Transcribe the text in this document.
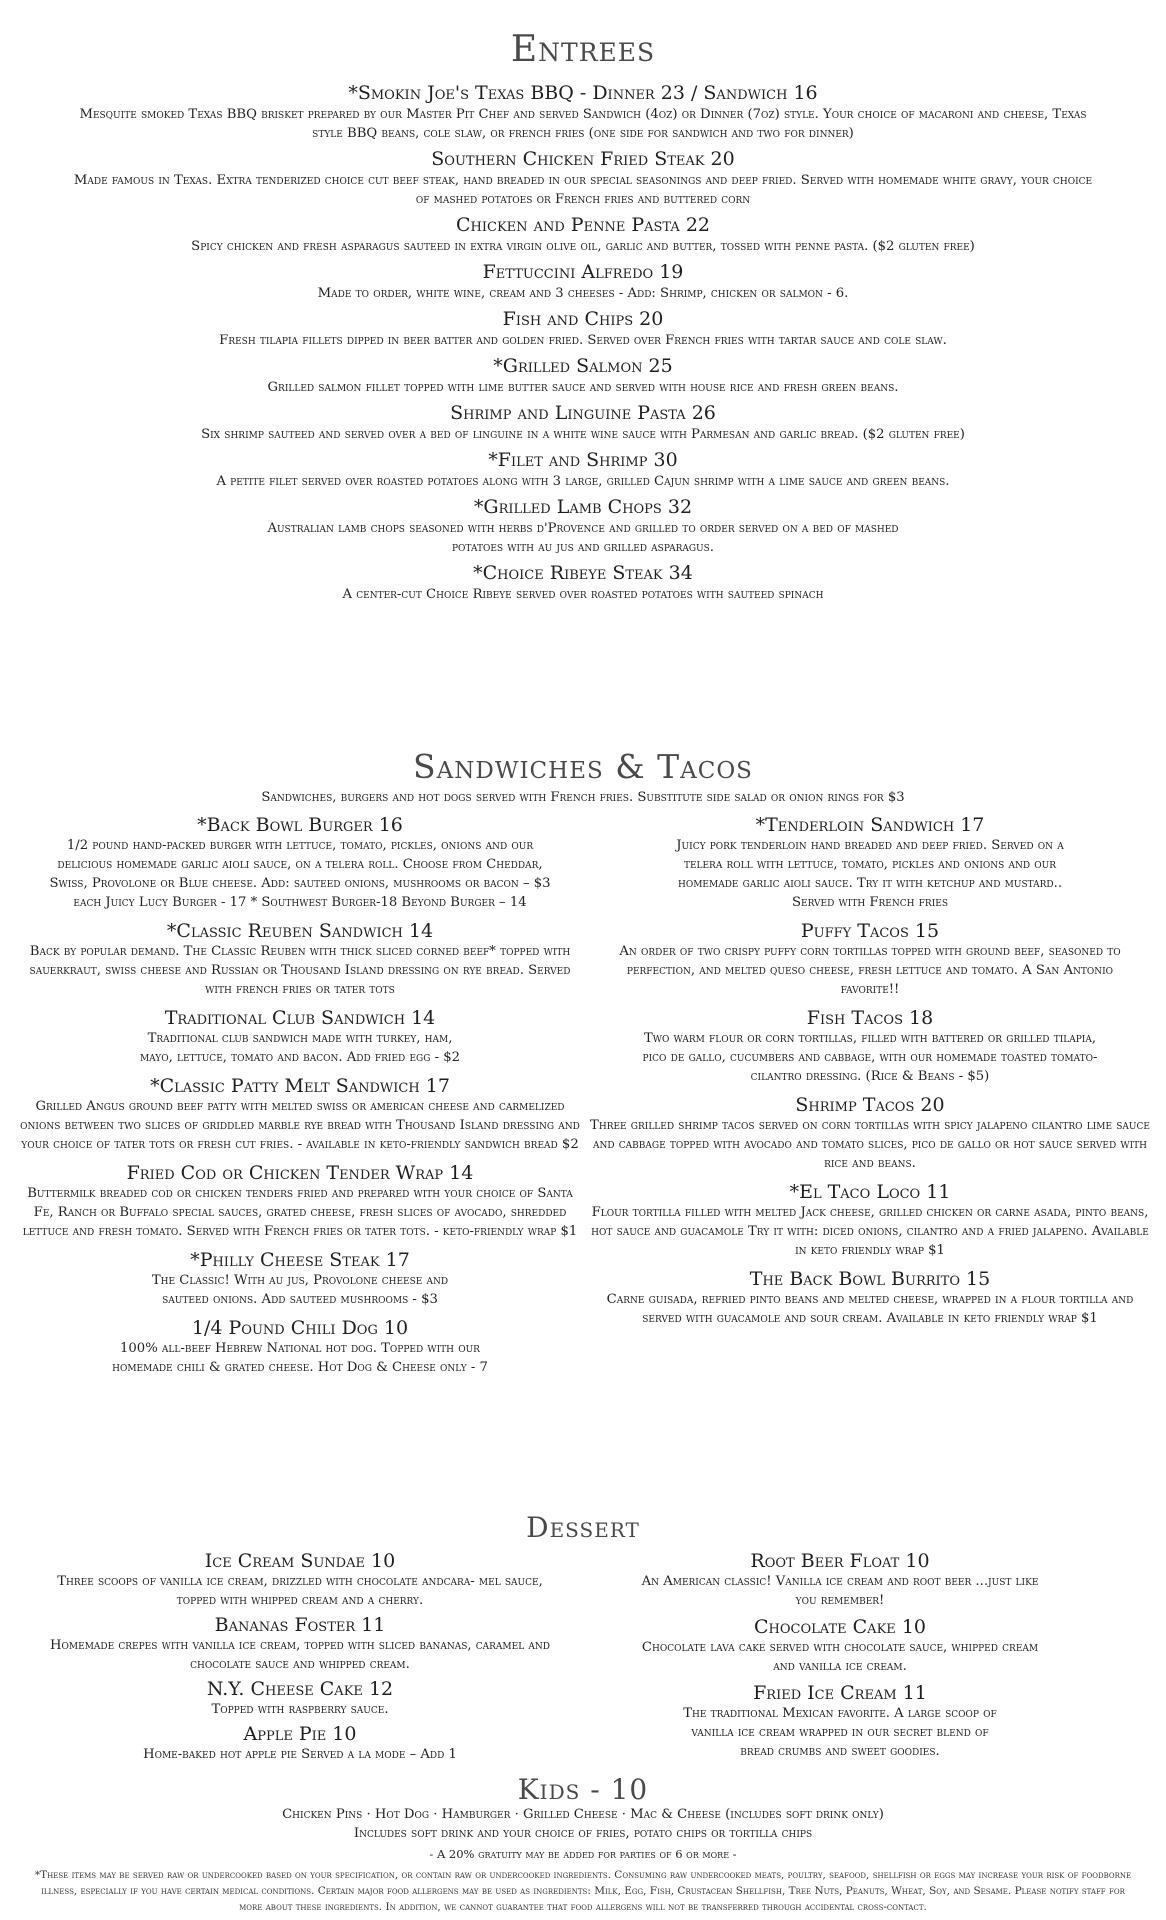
Entrees
*Smokin Joe's Texas BBQ - Dinner 23 / Sandwich 16
Mesquite smoked Texas BBQ brisket prepared by our Master Pit Chef and served Sandwich (4oz) or Dinner (7oz) style. Your choice of macaroni and cheese, Texas style BBQ beans, cole slaw, or french fries (one side for sandwich and two for dinner)
Southern Chicken Fried Steak 20
Made famous in Texas. Extra tenderized choice cut beef steak, hand breaded in our special seasonings and deep fried. Served with homemade white gravy, your choice of mashed potatoes or French fries and buttered corn
Chicken and Penne Pasta 22
Spicy chicken and fresh asparagus sauteed in extra virgin olive oil, garlic and butter, tossed with penne pasta. ($2 gluten free)
Fettuccini Alfredo 19
Made to order, white wine, cream and 3 cheeses - Add: Shrimp, chicken or salmon - 6.
Fish and Chips 20
Fresh tilapia fillets dipped in beer batter and golden fried. Served over French fries with tartar sauce and cole slaw.
*Grilled Salmon 25
Grilled salmon fillet topped with lime butter sauce and served with house rice and fresh green beans.
Shrimp and Linguine Pasta 26
Six shrimp sauteed and served over a bed of linguine in a white wine sauce with Parmesan and garlic bread. ($2 gluten free)
*Filet and Shrimp 30
A petite filet served over roasted potatoes along with 3 large, grilled Cajun shrimp with a lime sauce and green beans.
*Grilled Lamb Chops 32
Australian lamb chops seasoned with herbs d'Provence and grilled to order served on a bed of mashed potatoes with au jus and grilled asparagus.
*Choice Ribeye Steak 34
A center-cut Choice Ribeye served over roasted potatoes with sauteed spinach
Sandwiches & Tacos
Sandwiches, burgers and hot dogs served with French fries. Substitute side salad or onion rings for $3
*Back Bowl Burger 16
1/2 pound hand-packed burger with lettuce, tomato, pickles, onions and our delicious homemade garlic aioli sauce, on a telera roll. Choose from Cheddar, Swiss, Provolone or Blue cheese. Add: sauteed onions, mushrooms or bacon – $3 each Juicy Lucy Burger - 17 * Southwest Burger-18 Beyond Burger – 14
*Classic Reuben Sandwich 14
Back by popular demand. The Classic Reuben with thick sliced corned beef* topped with sauerkraut, swiss cheese and Russian or Thousand Island dressing on rye bread. Served with french fries or tater tots
Traditional Club Sandwich 14
Traditional club sandwich made with turkey, ham, mayo, lettuce, tomato and bacon. Add fried egg - $2
*Classic Patty Melt Sandwich 17
Grilled Angus ground beef patty with melted swiss or american cheese and carmelized onions between two slices of griddled marble rye bread with Thousand Island dressing and your choice of tater tots or fresh cut fries. - available in keto-friendly sandwich bread $2
Fried Cod or Chicken Tender Wrap 14
Buttermilk breaded cod or chicken tenders fried and prepared with your choice of Santa Fe, Ranch or Buffalo special sauces, grated cheese, fresh slices of avocado, shredded lettuce and fresh tomato. Served with French fries or tater tots. - keto-friendly wrap $1
*Philly Cheese Steak 17
The Classic! With au jus, Provolone cheese and sauteed onions. Add sauteed mushrooms - $3
1/4 Pound Chili Dog 10
100% all-beef Hebrew National hot dog. Topped with our homemade chili & grated cheese. Hot Dog & Cheese only - 7
*Tenderloin Sandwich 17
Juicy pork tenderloin hand breaded and deep fried. Served on a telera roll with lettuce, tomato, pickles and onions and our homemade garlic aioli sauce. Try it with ketchup and mustard.. Served with French fries
Puffy Tacos 15
An order of two crispy puffy corn tortillas topped with ground beef, seasoned to perfection, and melted queso cheese, fresh lettuce and tomato. A San Antonio favorite!!
Fish Tacos 18
Two warm flour or corn tortillas, filled with battered or grilled tilapia, pico de gallo, cucumbers and cabbage, with our homemade toasted tomato-cilantro dressing. (Rice & Beans - $5)
Shrimp Tacos 20
Three grilled shrimp tacos served on corn tortillas with spicy jalapeno cilantro lime sauce and cabbage topped with avocado and tomato slices, pico de gallo or hot sauce served with rice and beans.
*El Taco Loco 11
Flour tortilla filled with melted Jack cheese, grilled chicken or carne asada, pinto beans, hot sauce and guacamole Try it with: diced onions, cilantro and a fried jalapeno. Available in keto friendly wrap $1
The Back Bowl Burrito 15
Carne guisada, refried pinto beans and melted cheese, wrapped in a flour tortilla and served with guacamole and sour cream. Available in keto friendly wrap $1
Dessert
Ice Cream Sundae 10
Three scoops of vanilla ice cream, drizzled with chocolate andcara- mel sauce, topped with whipped cream and a cherry.
Bananas Foster 11
Homemade crepes with vanilla ice cream, topped with sliced bananas, caramel and chocolate sauce and whipped cream.
N.Y. Cheese Cake 12
Topped with raspberry sauce.
Apple Pie 10
Home-baked hot apple pie Served a la mode – Add 1
Root Beer Float 10
An American classic! Vanilla ice cream and root beer ...just like you remember!
Chocolate Cake 10
Chocolate lava cake served with chocolate sauce, whipped cream and vanilla ice cream.
Fried Ice Cream 11
The traditional Mexican favorite. A large scoop of vanilla ice cream wrapped in our secret blend of bread crumbs and sweet goodies.
Kids - 10
Chicken Pins · Hot Dog · Hamburger · Grilled Cheese · Mac & Cheese (includes soft drink only)
Includes soft drink and your choice of fries, potato chips or tortilla chips
- A 20% gratuity may be added for parties of 6 or more -
*These items may be served raw or undercooked based on your specification, or contain raw or undercooked ingredients. Consuming raw undercooked meats, poultry, seafood, shellfish or eggs may increase your risk of foodborne illness, especially if you have certain medical conditions. Certain major food allergens may be used as ingredients: Milk, Egg, Fish, Crustacean Shellfish, Tree Nuts, Peanuts, Wheat, Soy, and Sesame. Please notify staff for more about these ingredients. In addition, we cannot guarantee that food allergens will not be transferred through accidental cross-contact.
